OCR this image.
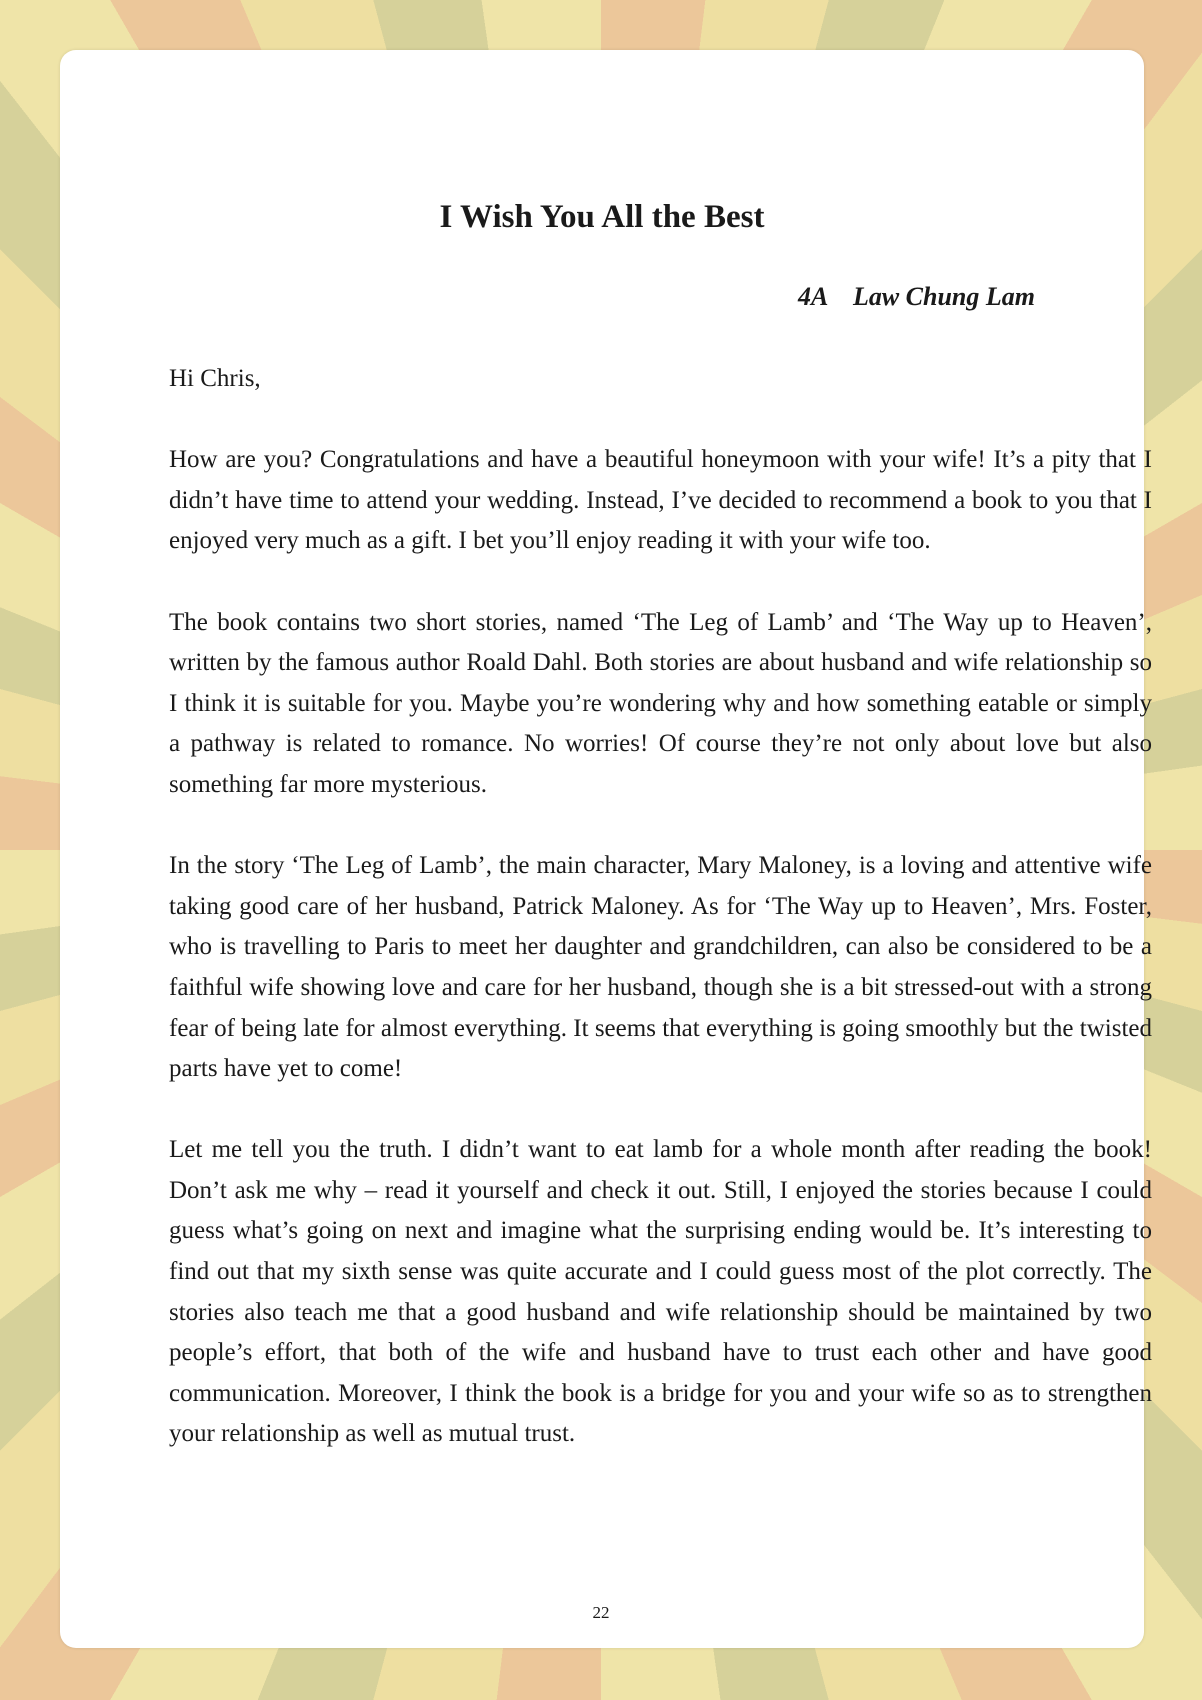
I Wish You All the Best
4A    Law Chung Lam

Hi Chris,

How are you? Congratulations and have a beautiful honeymoon with your wife! It’s a pity that I didn’t have time to attend your wedding. Instead, I’ve decided to recommend a book to you that I enjoyed very much as a gift. I bet you’ll enjoy reading it with your wife too.

The book contains two short stories, named ‘The Leg of Lamb’ and ‘The Way up to Heaven’, written by the famous author Roald Dahl. Both stories are about husband and wife relationship so I think it is suitable for you. Maybe you’re wondering why and how something eatable or simply a pathway is related to romance. No worries! Of course they’re not only about love but also something far more mysterious.

In the story ‘The Leg of Lamb’, the main character, Mary Maloney, is a loving and attentive wife taking good care of her husband, Patrick Maloney. As for ‘The Way up to Heaven’, Mrs. Foster, who is travelling to Paris to meet her daughter and grandchildren, can also be considered to be a faithful wife showing love and care for her husband, though she is a bit stressed-out with a strong fear of being late for almost everything. It seems that everything is going smoothly but the twisted parts have yet to come!

Let me tell you the truth. I didn’t want to eat lamb for a whole month after reading the book! Don’t ask me why – read it yourself and check it out. Still, I enjoyed the stories because I could guess what’s going on next and imagine what the surprising ending would be. It’s interesting to find out that my sixth sense was quite accurate and I could guess most of the plot correctly. The stories also teach me that a good husband and wife relationship should be maintained by two people’s effort, that both of the wife and husband have to trust each other and have good communication. Moreover, I think the book is a bridge for you and your wife so as to strengthen your relationship as well as mutual trust.

22
